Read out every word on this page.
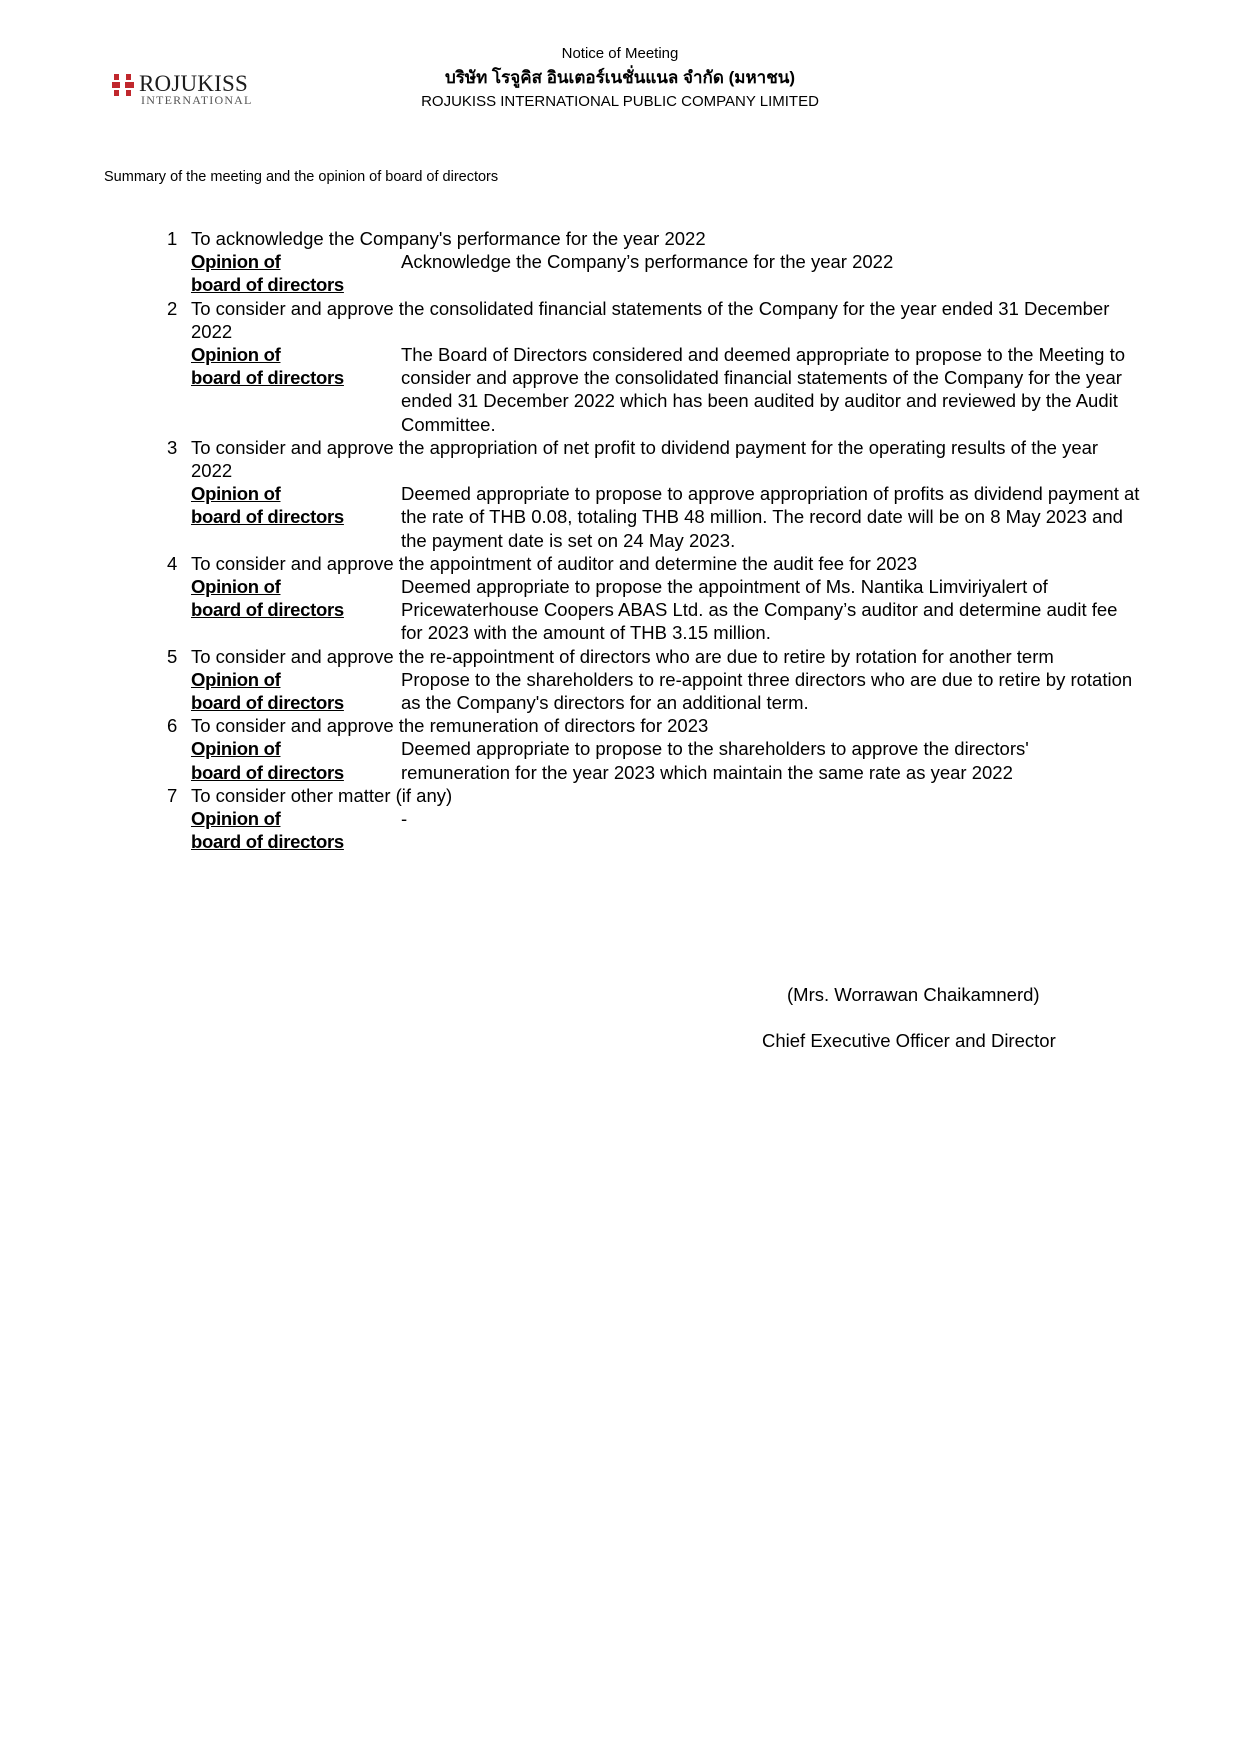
ROJUKISS
INTERNATIONAL
Notice of Meeting
บริษัท โรจูคิส อินเตอร์เนชั่นแนล จำกัด (มหาชน)
ROJUKISS INTERNATIONAL PUBLIC COMPANY LIMITED
Summary of the meeting and the opinion of board of directors
1 To acknowledge the Company's performance for the year 2022
Opinion of
board of directors
Acknowledge the Company’s performance for the year 2022
2 To consider and approve the consolidated financial statements of the Company for the year ended 31 December 2022
Opinion of
board of directors
The Board of Directors considered and deemed appropriate to propose to the Meeting to consider and approve the consolidated financial statements of the Company for the year ended 31 December 2022 which has been audited by auditor and reviewed by the Audit Committee.
3 To consider and approve the appropriation of net profit to dividend payment for the operating results of the year 2022
Opinion of
board of directors
Deemed appropriate to propose to approve appropriation of profits as dividend payment at the rate of THB 0.08, totaling THB 48 million. The record date will be on 8 May 2023 and the payment date is set on 24 May 2023.
4 To consider and approve the appointment of auditor and determine the audit fee for 2023
Opinion of
board of directors
Deemed appropriate to propose the appointment of Ms. Nantika Limviriyalert of Pricewaterhouse Coopers ABAS Ltd. as the Company’s auditor and determine audit fee for 2023 with the amount of THB 3.15 million.
5 To consider and approve the re-appointment of directors who are due to retire by rotation for another term
Opinion of
board of directors
Propose to the shareholders to re-appoint three directors who are due to retire by rotation as the Company's directors for an additional term.
6 To consider and approve the remuneration of directors for 2023
Opinion of
board of directors
Deemed appropriate to propose to the shareholders to approve the directors' remuneration for the year 2023 which maintain the same rate as year 2022
7 To consider other matter (if any)
Opinion of
board of directors
-
(Mrs. Worrawan Chaikamnerd)
Chief Executive Officer and Director
